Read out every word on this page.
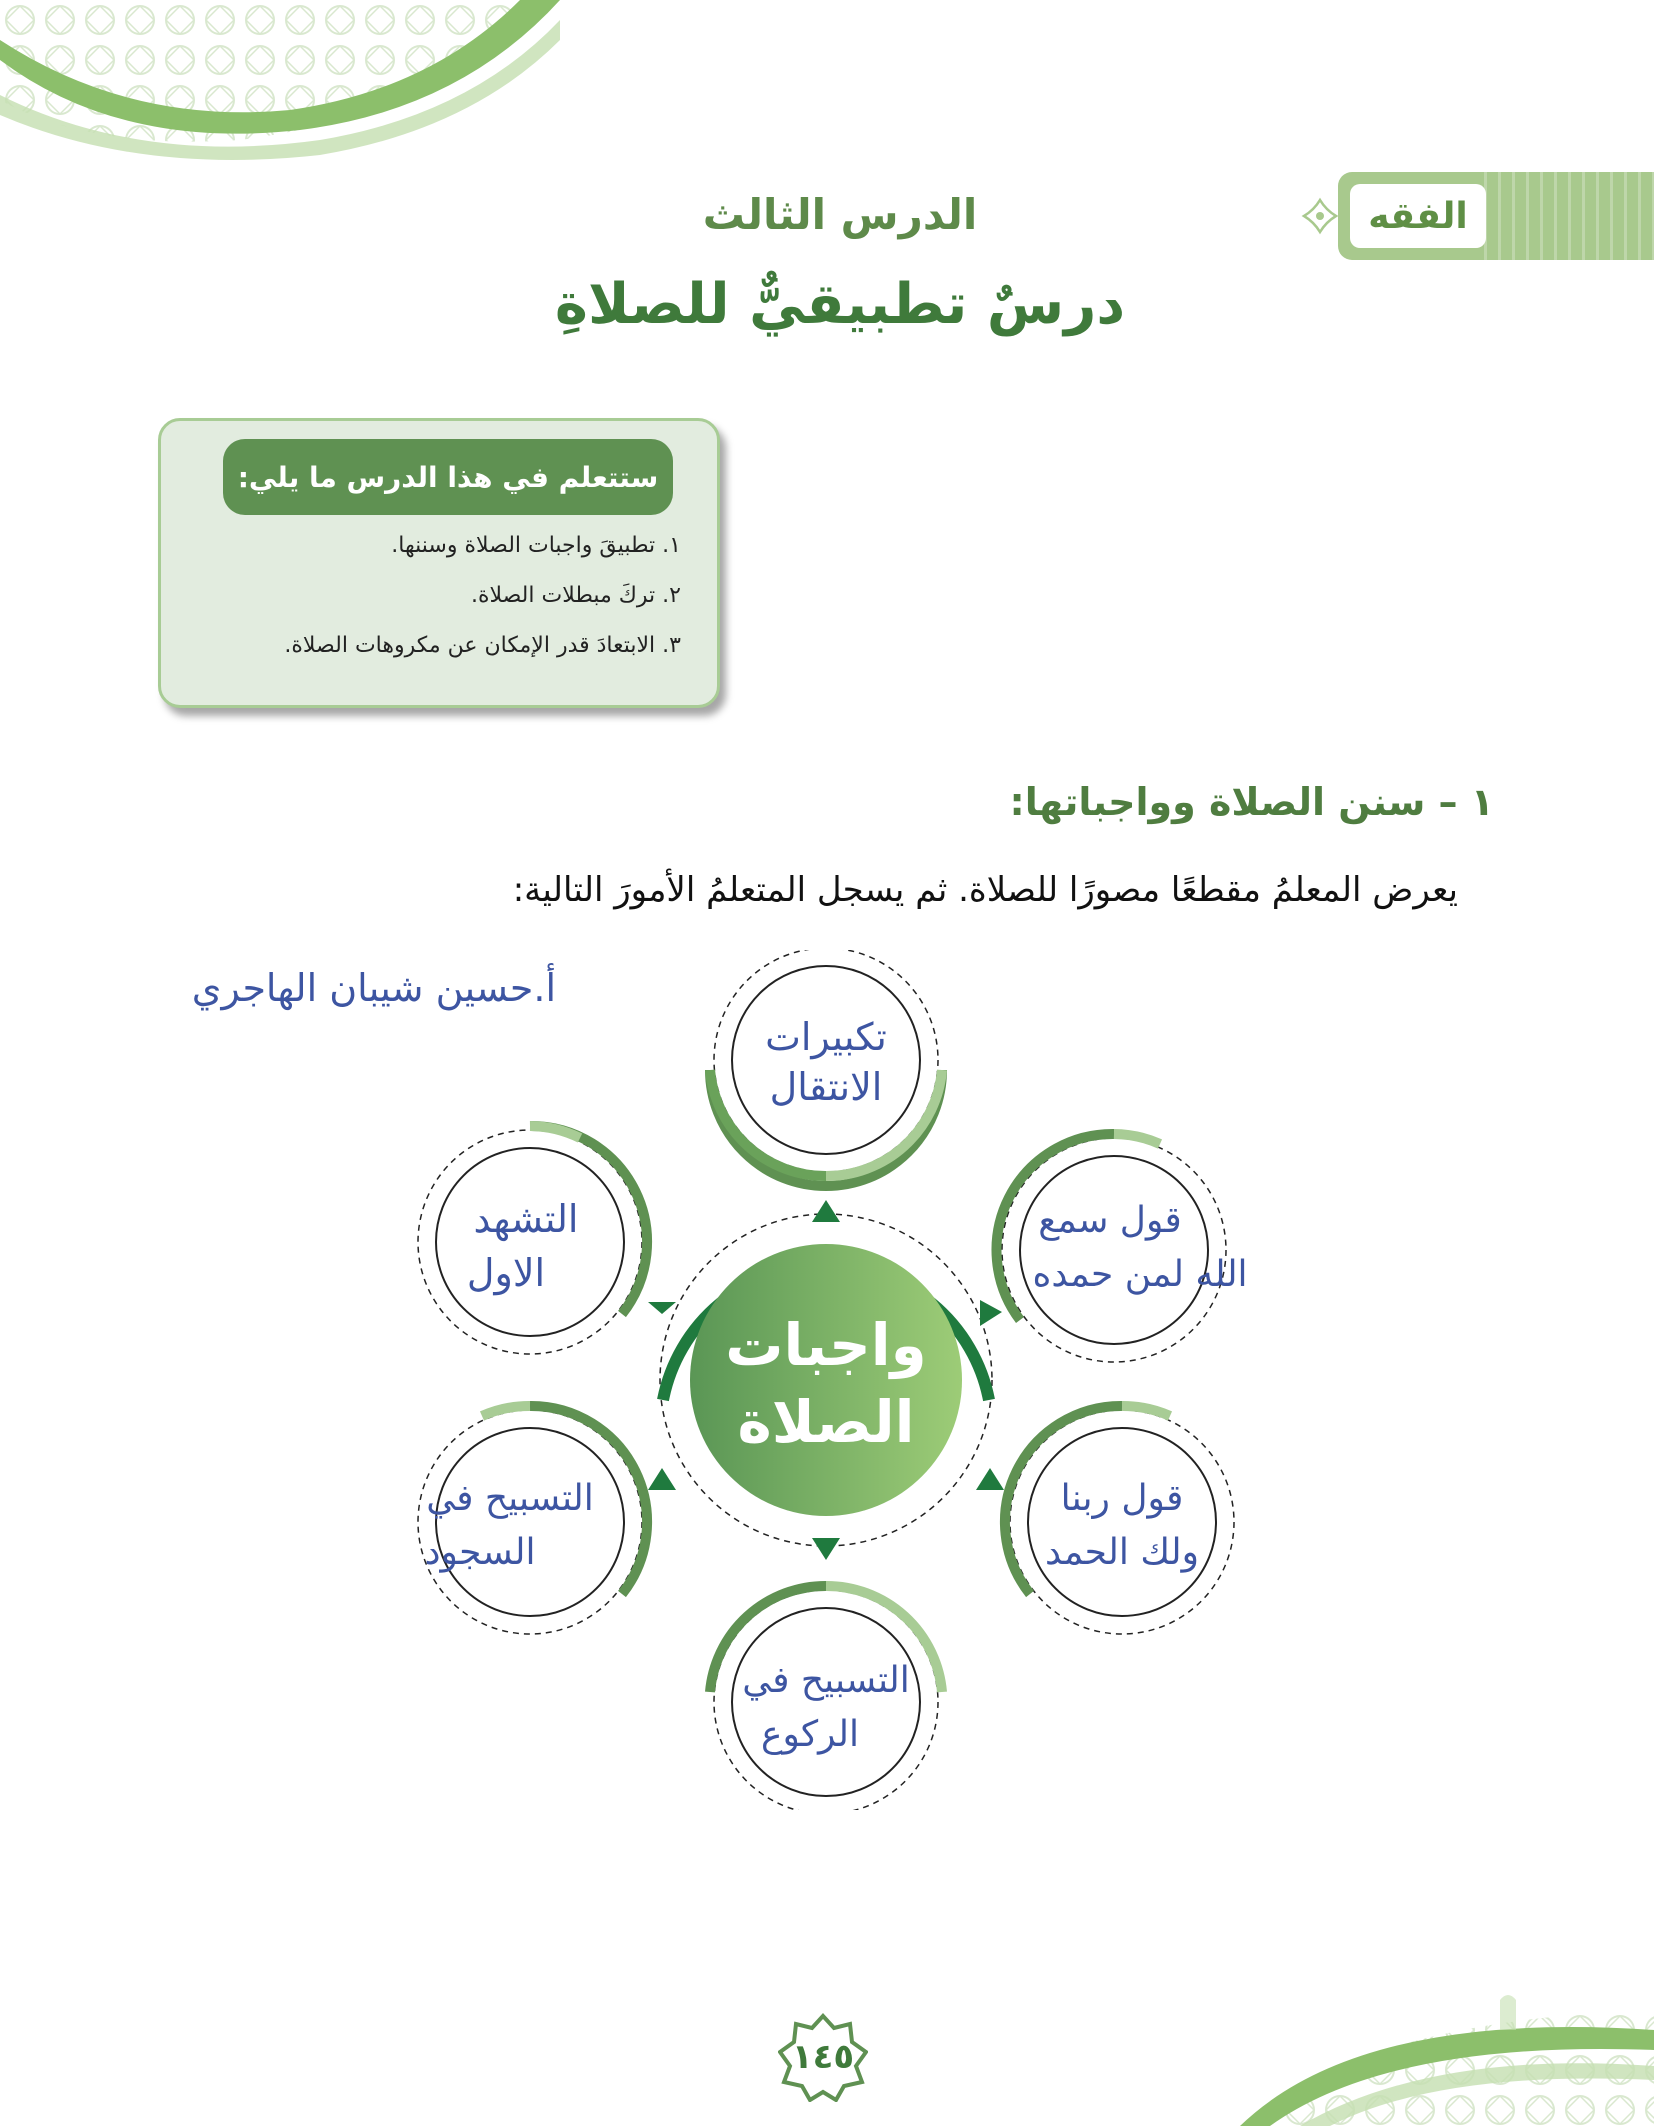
الفقه
الدرس الثالث
درسٌ تطبيقيٌّ للصلاةِ
ستتعلم في هذا الدرس ما يلي:
١. تطبيقَ واجبات الصلاة وسننها.
٢. تركَ مبطلات الصلاة.
٣. الابتعادَ قدر الإمكان عن مكروهات الصلاة.
١ – سنن الصلاة وواجباتها:
يعرض المعلمُ مقطعًا مصورًا للصلاة. ثم يسجل المتعلمُ الأمورَ التالية:
واجبات
الصلاة
تكبيرات
الانتقال
قول سمع
الله لمن حمده
قول ربنا
ولك الحمد
التسبيح في
الركوع
التسبيح في
السجود
التشهد
الاول
أ.حسين شيبان الهاجري
١٤٥
